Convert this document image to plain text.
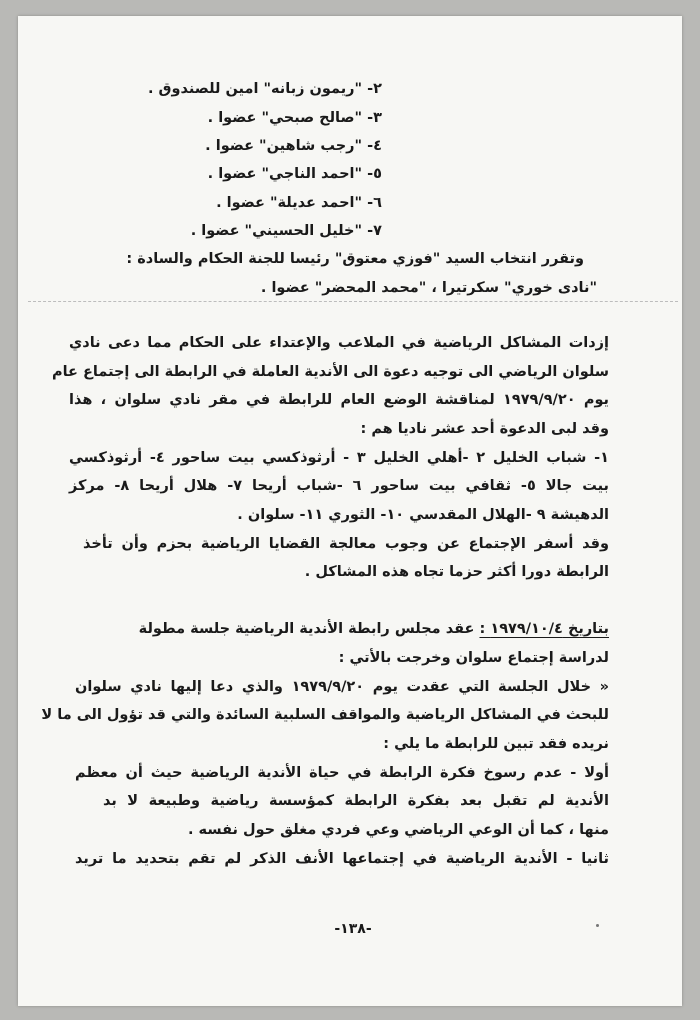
٢- "ريمون زبانه" امين للصندوق .
٣- "صالح صبحي" عضوا .
٤- "رجب شاهين" عضوا .
٥- "احمد الناجي" عضوا .
٦- "احمد عديلة" عضوا .
٧- "خليل الحسيني" عضوا .
وتقرر انتخاب السيد "فوزي معتوق" رئيسا للجنة الحكام والسادة :
"نادى خوري" سكرتيرا ، "محمد المحضر" عضوا .
إزدات المشاكل الرياضية في الملاعب والإعتداء على الحكام مما دعى نادي
سلوان الرياضي الى توجيه دعوة الى الأندية العاملة في الرابطة الى إجتماع عام
يوم ١٩٧٩/٩/٢٠ لمناقشة الوضع العام للرابطة في مقر نادي سلوان ، هذا
وقد لبى الدعوة أحد عشر ناديا هم :
١- شباب الخليل ٢ -أهلي الخليل ٣ - أرثوذكسي بيت ساحور ٤- أرثوذكسي
بيت جالا ٥- ثقافي بيت ساحور ٦ -شباب أريحا ٧- هلال أريحا ٨- مركز
الدهيشة ٩ -الهلال المقدسي ١٠- الثوري ١١- سلوان .
وقد أسفر الإجتماع عن وجوب معالجة القضايا الرياضية بحزم وأن تأخذ
الرابطة دورا أكثر حزما تجاه هذه المشاكل .
بتاريخ ١٩٧٩/١٠/٤ : عقد مجلس رابطة الأندية الرياضية جلسة مطولة
لدراسة إجتماع سلوان وخرجت بالأتي :
« خلال الجلسة التي عقدت يوم ١٩٧٩/٩/٢٠ والذي دعا إليها نادي سلوان
للبحث في المشاكل الرياضية والمواقف السلبية السائدة والتي قد تؤول الى ما لا
نريده فقد تبين للرابطة ما يلي :
أولا - عدم رسوخ فكرة الرابطة في حياة الأندية الرياضية حيث أن معظم
الأندية لم تقبل بعد بفكرة الرابطة كمؤسسة رياضية وطبيعة لا بد
منها ، كما أن الوعي الرياضي وعي فردي مغلق حول نفسه .
ثانيا - الأندية الرياضية في إجتماعها الأنف الذكر لم تقم بتحديد ما تريد
-١٣٨-
